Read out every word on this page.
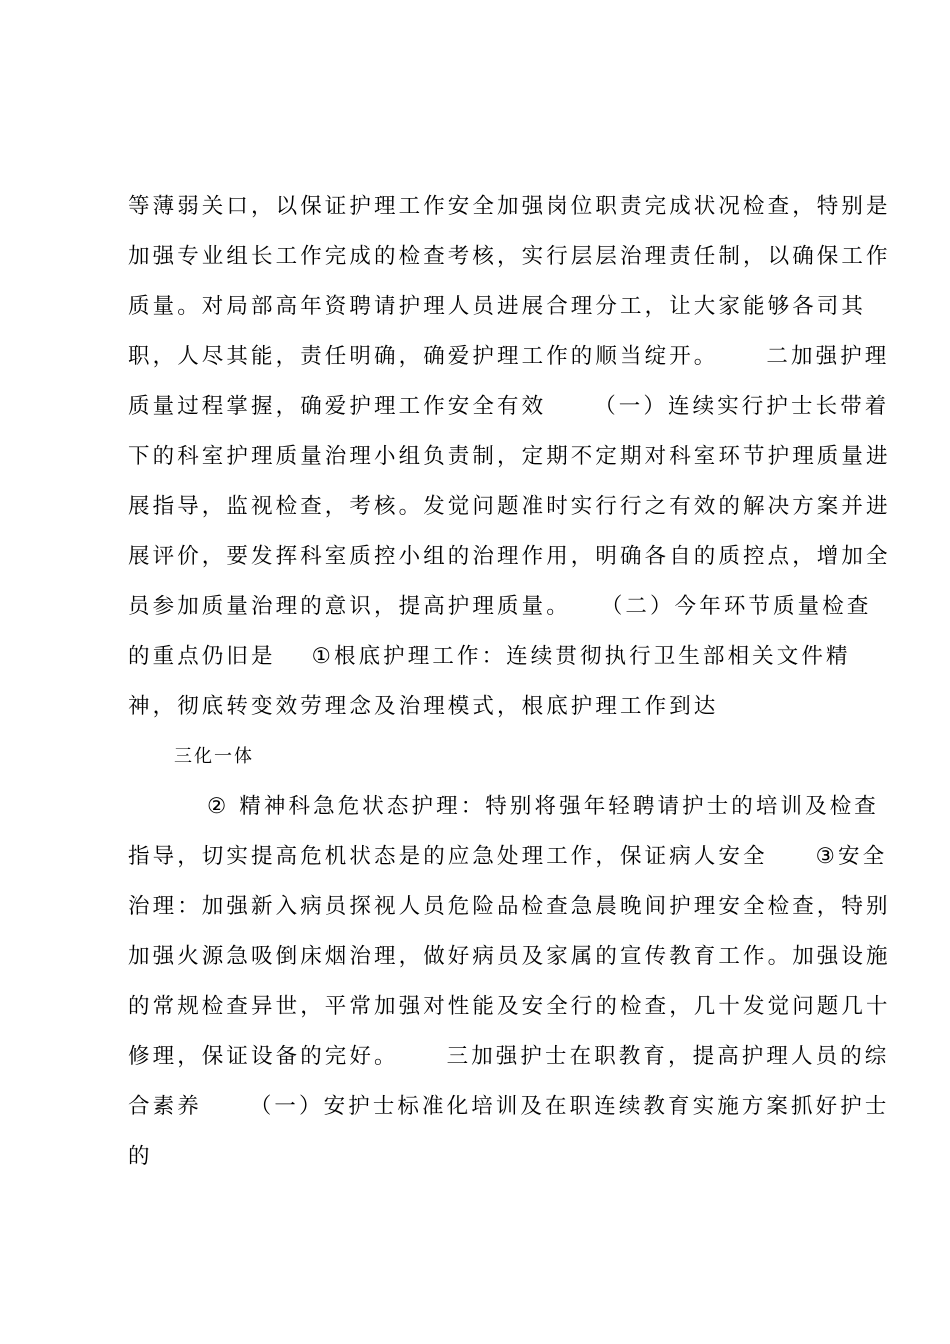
等薄弱关口，以保证护理工作安全加强岗位职责完成状况检查，特别是
加强专业组长工作完成的检查考核，实行层层治理责任制，以确保工作
质量。对局部高年资聘请护理人员进展合理分工，让大家能够各司其
职，人尽其能，责任明确，确爱护理工作的顺当绽开。 二加强护理
质量过程掌握，确爱护理工作安全有效 （一）连续实行护士长带着
下的科室护理质量治理小组负责制，定期不定期对科室环节护理质量进
展指导，监视检查，考核。发觉问题准时实行行之有效的解决方案并进
展评价，要发挥科室质控小组的治理作用，明确各自的质控点，增加全
员参加质量治理的意识，提高护理质量。 （二）今年环节质量检查
的重点仍旧是 ①根底护理工作：连续贯彻执行卫生部相关文件精
神，彻底转变效劳理念及治理模式，根底护理工作到达
三化一体
② 精神科急危状态护理：特别将强年轻聘请护士的培训及检查
指导，切实提高危机状态是的应急处理工作，保证病人安全 ③安全
治理：加强新入病员探视人员危险品检查急晨晚间护理安全检查，特别
加强火源急吸倒床烟治理，做好病员及家属的宣传教育工作。加强设施
的常规检查异世，平常加强对性能及安全行的检查，几十发觉问题几十
修理，保证设备的完好。 三加强护士在职教育，提高护理人员的综
合素养 （一）安护士标准化培训及在职连续教育实施方案抓好护士
的
